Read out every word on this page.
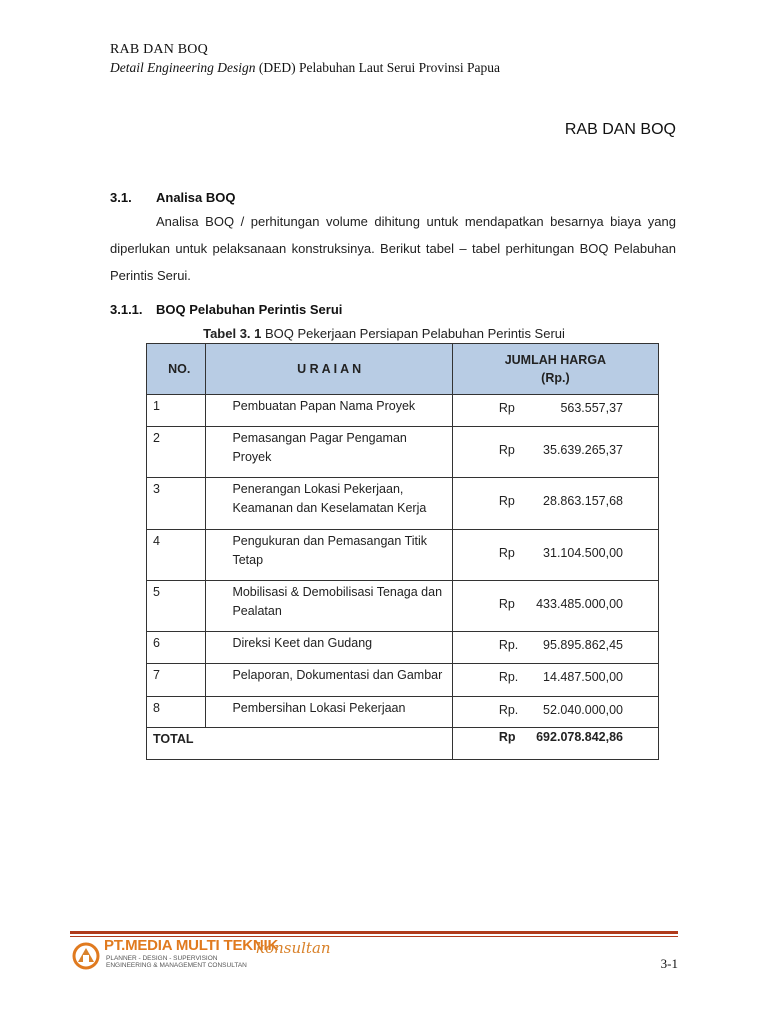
RAB DAN BOQ
Detail Engineering Design (DED) Pelabuhan Laut Serui Provinsi Papua
RAB DAN BOQ
3.1. Analisa BOQ
Analisa BOQ / perhitungan volume dihitung untuk mendapatkan besarnya biaya yang diperlukan untuk pelaksanaan konstruksinya. Berikut tabel – tabel perhitungan BOQ Pelabuhan Perintis Serui.
3.1.1. BOQ Pelabuhan Perintis Serui
Tabel 3. 1 BOQ Pekerjaan Persiapan Pelabuhan Perintis Serui
NO.	U R A I A N	JUMLAH HARGA
(Rp.)

1	Pembuatan Papan Nama Proyek	Rp 563.557,37

2	Pemasangan Pagar Pengaman Proyek	Rp 35.639.265,37

3	Penerangan Lokasi Pekerjaan, Keamanan dan Keselamatan Kerja	Rp 28.863.157,68

4	Pengukuran dan Pemasangan Titik Tetap	Rp 31.104.500,00

5	Mobilisasi & Demobilisasi Tenaga dan Pealatan	Rp 433.485.000,00

6	Direksi Keet dan Gudang	Rp. 95.895.862,45

7	Pelaporan, Dokumentasi dan Gambar	Rp. 14.487.500,00

8	Pembersihan Lokasi Pekerjaan	Rp. 52.040.000,00

TOTAL		Rp 692.078.842,86
PT.MEDIA MULTI TEKNIK
konsultan
PLANNER - DESIGN - SUPERVISION
ENGINEERING & MANAGEMENT CONSULTAN	3-1
